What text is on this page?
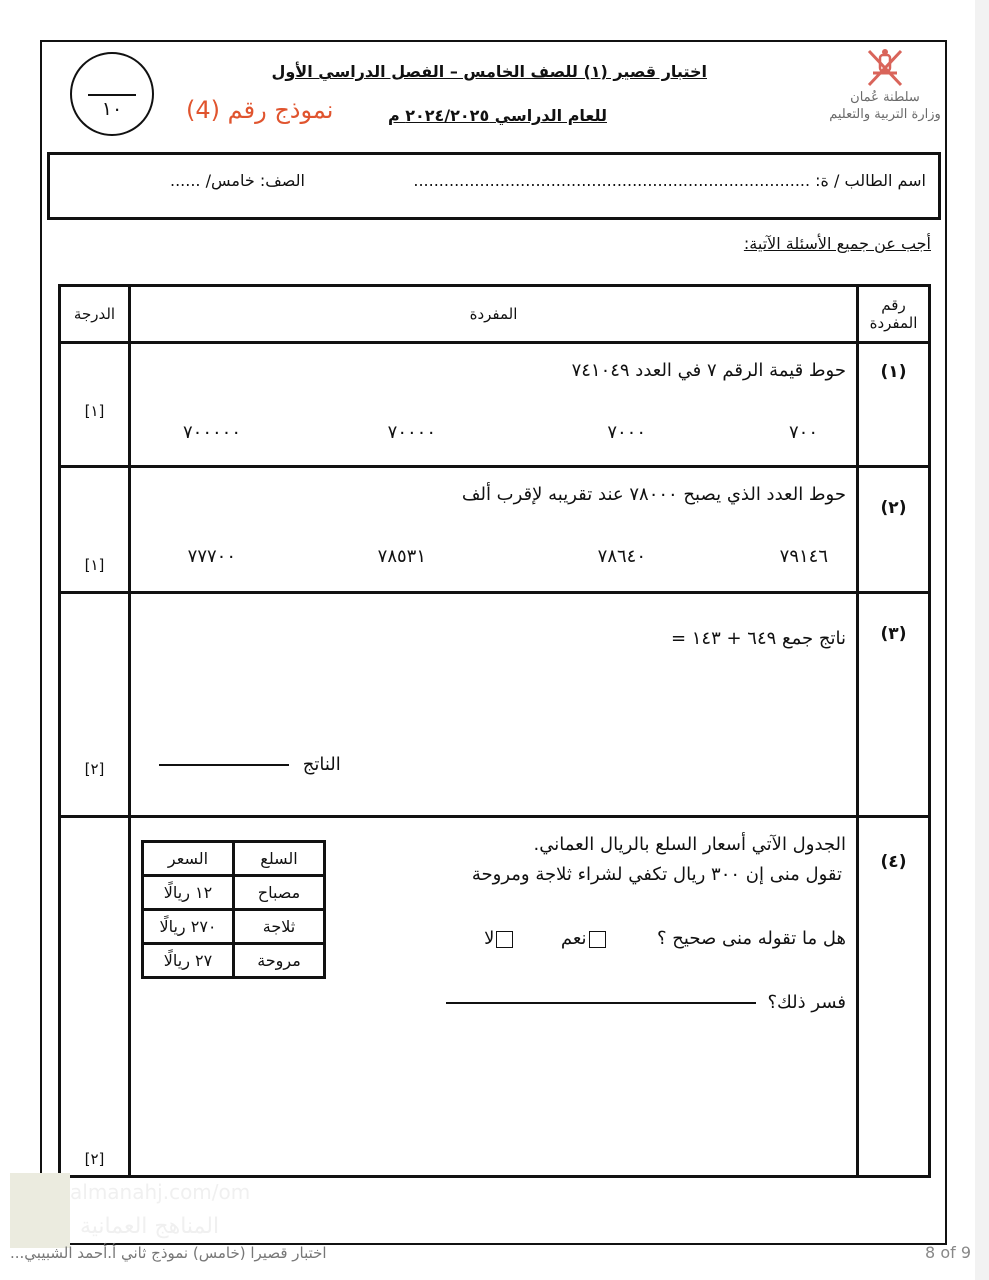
سلطنة عُمان
وزارة التربية والتعليم
اختبار قصير (١) للصف الخامس – الفصل الدراسي الأول
للعام الدراسي ٢٠٢٤/٢٠٢٥ م
نموذج رقم (4)
١٠
اسم الطالب / ة: ..............................................................................
الصف: خامس/ ......
أجب عن جميع الأسئلة الآتية:
رقم المفردة	المفردة	الدرجة
(١)	
حوط قيمة الرقم ٧ في العدد ٧٤١٠٤٩
٧٠٠
٧٠٠٠
٧٠٠٠٠
٧٠٠٠٠٠

[١]

(٢)	
حوط العدد الذي يصبح ٧٨٠٠٠ عند تقريبه لإقرب ألف
٧٩١٤٦
٧٨٦٤٠
٧٨٥٣١
٧٧٧٠٠

[١]

(٣)	
ناتج جمع ٦٤٩ + ١٤٣ =
الناتج

[٢]

(٤)	
الجدول الآتي أسعار السلع بالريال العماني.
تقول منى إن ٣٠٠ ريال تكفي لشراء ثلاجة ومروحة
هل ما تقوله منى صحيح ؟  نعم  لا
فسر ذلك؟
السلع	السعر
مصباح	١٢ ريالًا
ثلاجة	٢٧٠ ريالًا
مروحة	٢٧ ريالًا

[٢]
almanahj.com/om
المناهج العمانية
اختبار قصيرا (خامس) نموذج ثاني أ.أحمد الشبيبي...	8 of 9
